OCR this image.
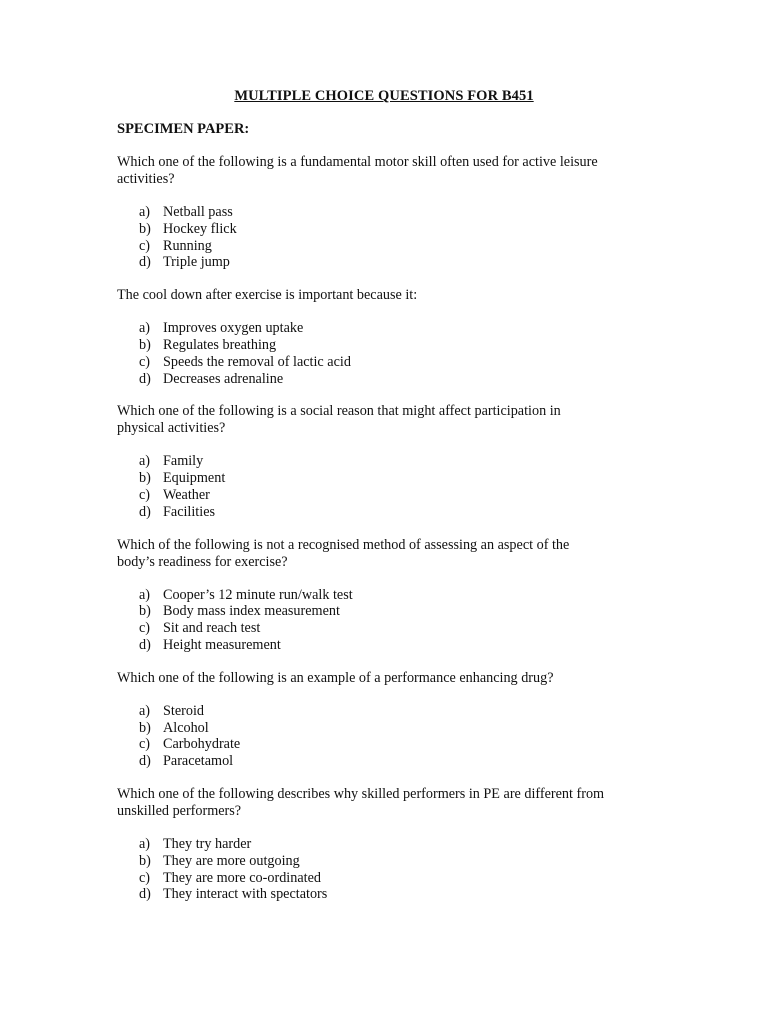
MULTIPLE CHOICE QUESTIONS FOR B451
SPECIMEN PAPER:
Which one of the following is a fundamental motor skill often used for active leisure
activities?
a) Netball pass
b) Hockey flick
c) Running
d) Triple jump
The cool down after exercise is important because it:
a) Improves oxygen uptake
b) Regulates breathing
c) Speeds the removal of lactic acid
d) Decreases adrenaline
Which one of the following is a social reason that might affect participation in
physical activities?
a) Family
b) Equipment
c) Weather
d) Facilities
Which of the following is not a recognised method of assessing an aspect of the
body’s readiness for exercise?
a) Cooper’s 12 minute run/walk test
b) Body mass index measurement
c) Sit and reach test
d) Height measurement
Which one of the following is an example of a performance enhancing drug?
a) Steroid
b) Alcohol
c) Carbohydrate
d) Paracetamol
Which one of the following describes why skilled performers in PE are different from
unskilled performers?
a) They try harder
b) They are more outgoing
c) They are more co-ordinated
d) They interact with spectators
